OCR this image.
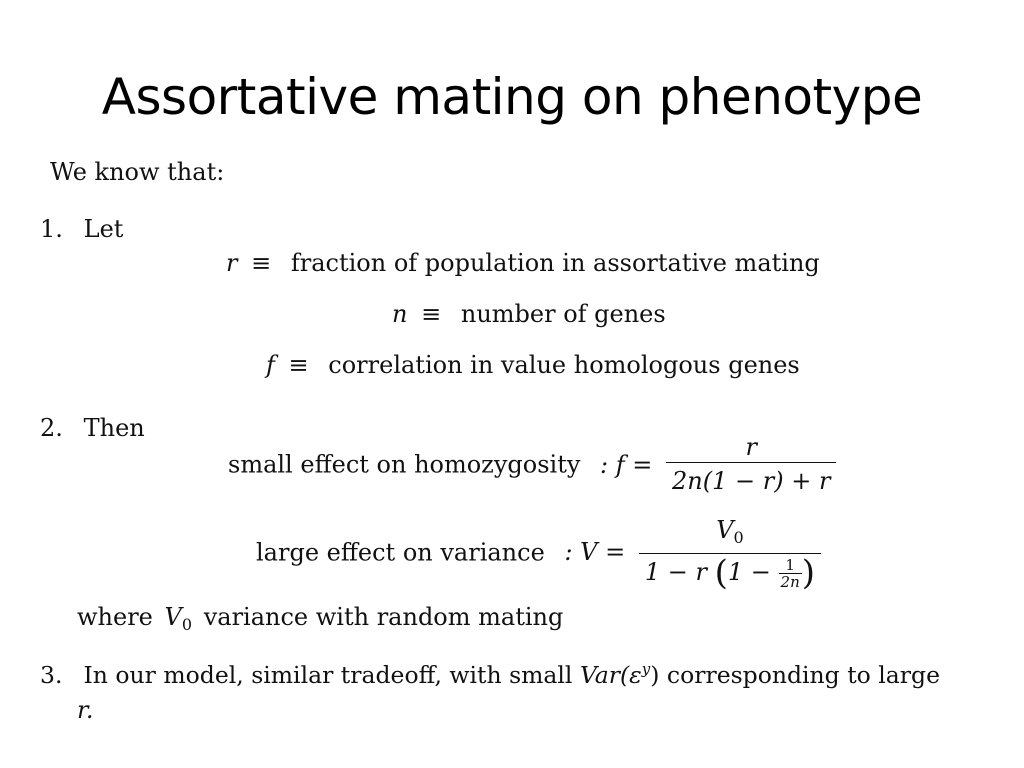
Assortative mating on phenotype
We know that:
1. Let
r ≡ fraction of population in assortative mating
n ≡ number of genes
f ≡ correlation in value homologous genes
2. Then
small effect on homozygosity : $f = \frac{r}{2n(1 - r) + r}$
large effect on variance : V =
$V_0$
1 − r ($1 - \frac{1}{2n}$ )
where $V_0$ variance with random mating
3. In our model, similar tradeoff, with small $Var(\varepsilon^y)$ corresponding to large
r.
